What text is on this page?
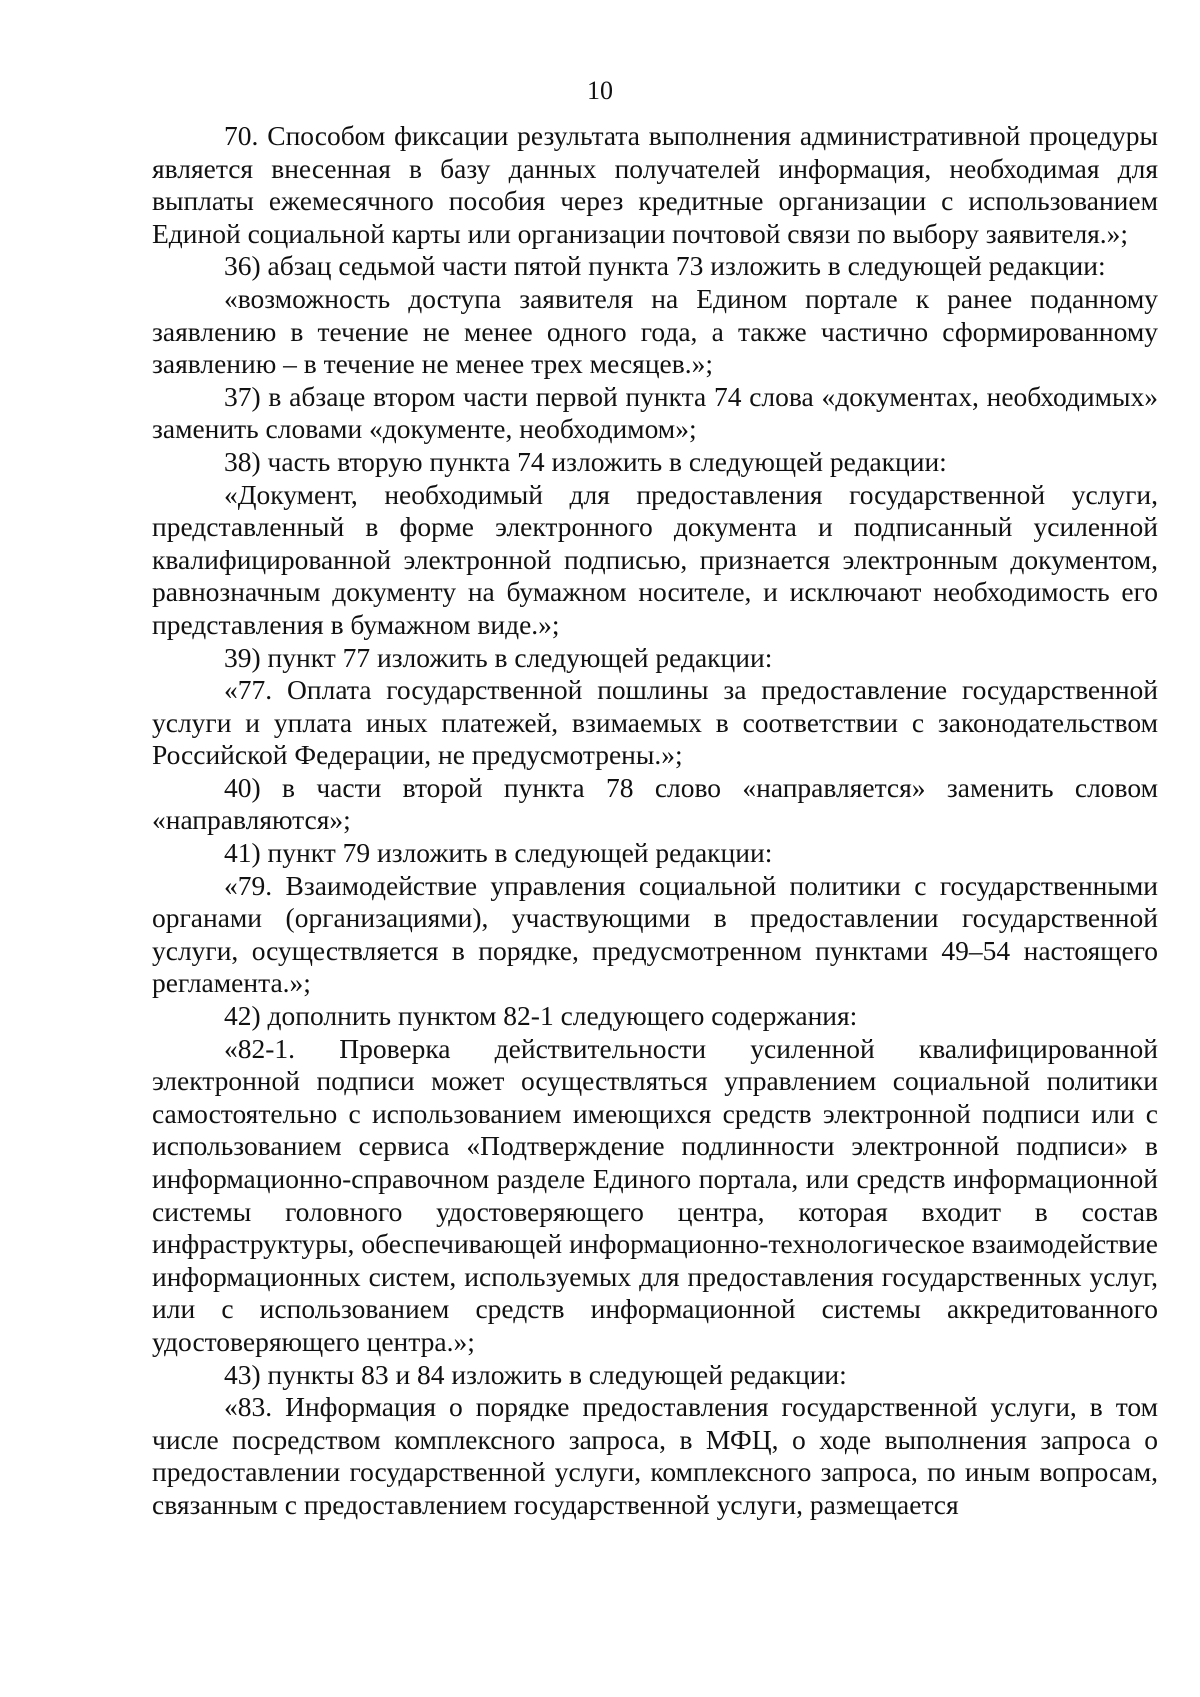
10

70. Способом фиксации результата выполнения административной процедуры является внесенная в базу данных получателей информация, необходимая для выплаты ежемесячного пособия через кредитные организации с использованием Единой социальной карты или организации почтовой связи по выбору заявителя.»;

36) абзац седьмой части пятой пункта 73 изложить в следующей редакции:

«возможность доступа заявителя на Едином портале к ранее поданному заявлению в течение не менее одного года, а также частично сформированному заявлению – в течение не менее трех месяцев.»;

37) в абзаце втором части первой пункта 74 слова «документах, необходимых» заменить словами «документе, необходимом»;

38) часть вторую пункта 74 изложить в следующей редакции:

«Документ, необходимый для предоставления государственной услуги, представленный в форме электронного документа и подписанный усиленной квалифицированной электронной подписью, признается электронным документом, равнозначным документу на бумажном носителе, и исключают необходимость его представления в бумажном виде.»;

39) пункт 77 изложить в следующей редакции:

«77. Оплата государственной пошлины за предоставление государственной услуги и уплата иных платежей, взимаемых в соответствии с законодательством Российской Федерации, не предусмотрены.»;

40) в части второй пункта 78 слово «направляется» заменить словом «направляются»;

41) пункт 79 изложить в следующей редакции:

«79. Взаимодействие управления социальной политики с государственными органами (организациями), участвующими в предоставлении государственной услуги, осуществляется в порядке, предусмотренном пунктами 49–54 настоящего регламента.»;

42) дополнить пунктом 82-1 следующего содержания:

«82-1. Проверка действительности усиленной квалифицированной электронной подписи может осуществляться управлением социальной политики самостоятельно с использованием имеющихся средств электронной подписи или с использованием сервиса «Подтверждение подлинности электронной подписи» в информационно-справочном разделе Единого портала, или средств информационной системы головного удостоверяющего центра, которая входит в состав инфраструктуры, обеспечивающей информационно-технологическое взаимодействие информационных систем, используемых для предоставления государственных услуг, или с использованием средств информационной системы аккредитованного удостоверяющего центра.»;

43) пункты 83 и 84 изложить в следующей редакции:

«83. Информация о порядке предоставления государственной услуги, в том числе посредством комплексного запроса, в МФЦ, о ходе выполнения запроса о предоставлении государственной услуги, комплексного запроса, по иным вопросам, связанным с предоставлением государственной услуги, размещается
